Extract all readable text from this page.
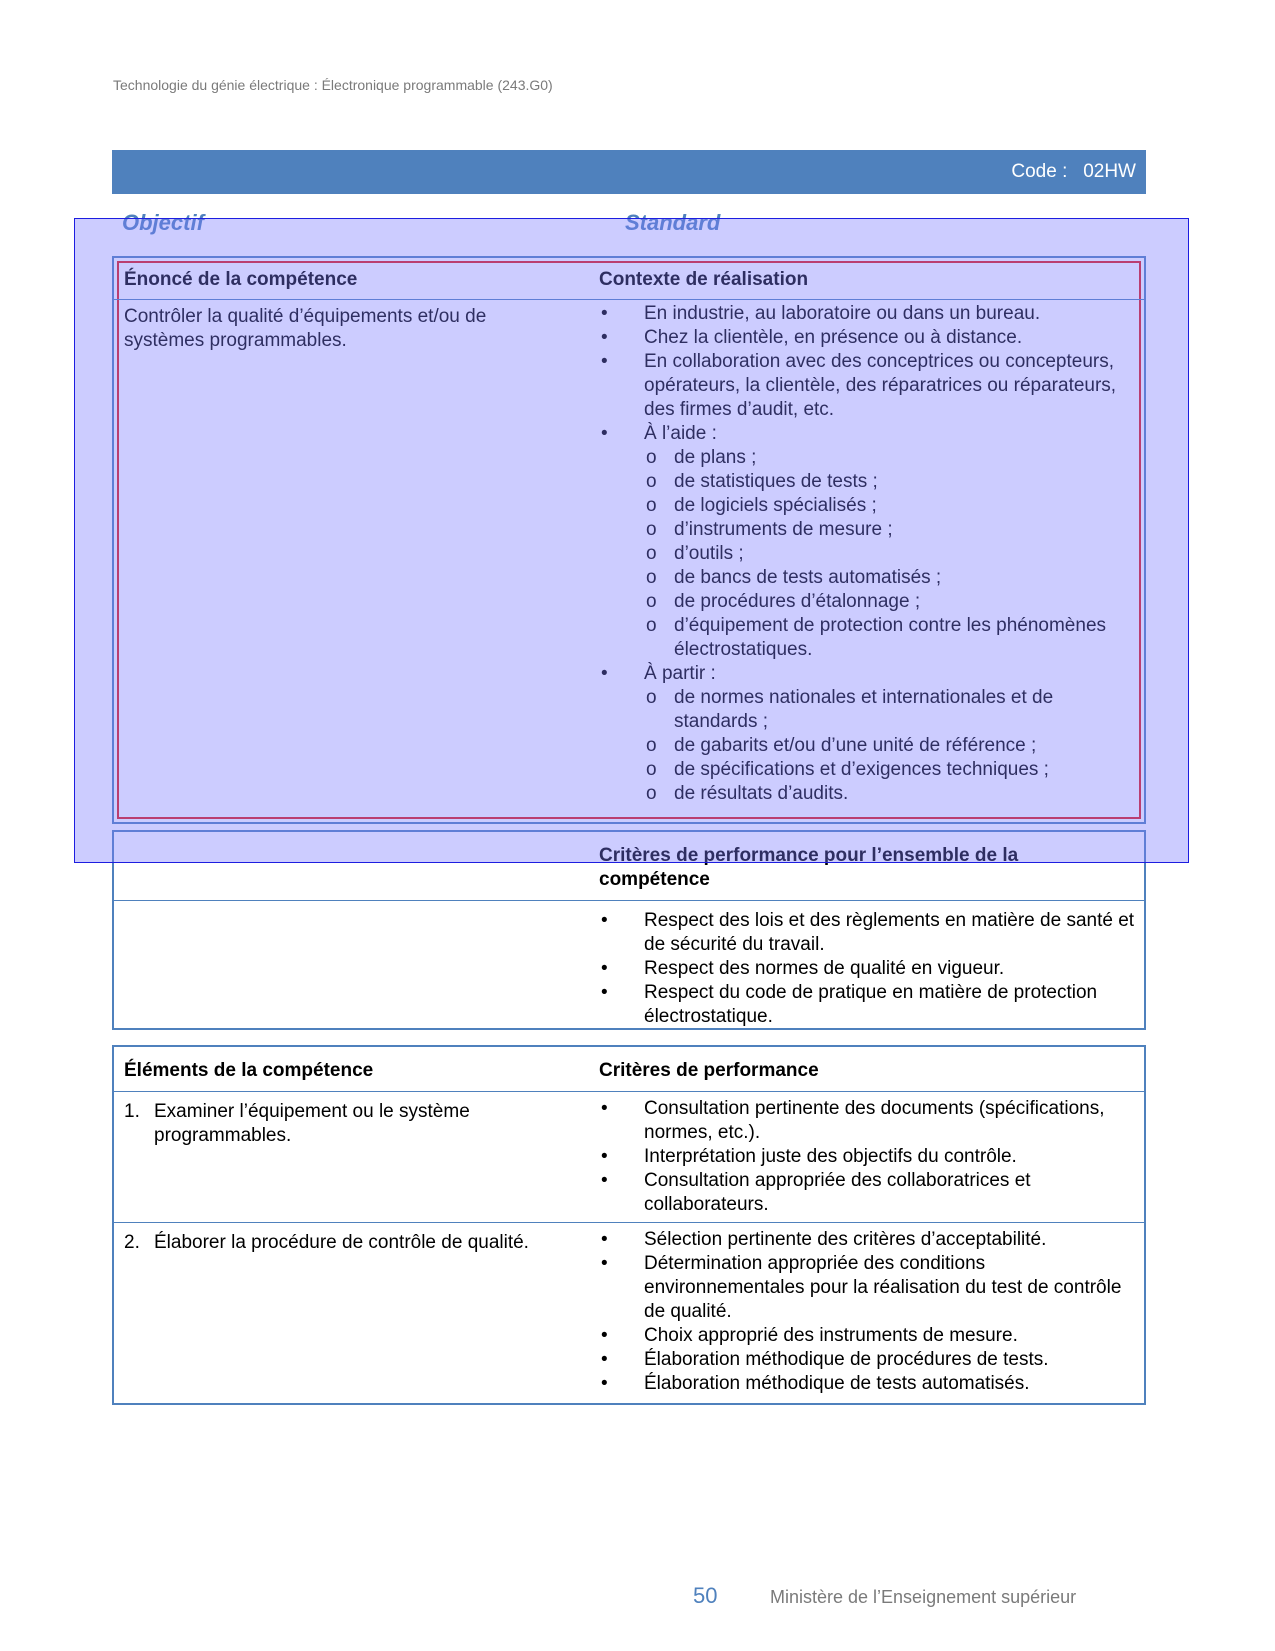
Technologie du génie électrique : Électronique programmable (243.G0)
Code : 02HW
Objectif	Standard
Énoncé de la compétence	Contexte de réalisation
Contrôler la qualité d’équipements et/ou de
systèmes programmables.
• En industrie, au laboratoire ou dans un bureau.
• Chez la clientèle, en présence ou à distance.
• En collaboration avec des conceptrices ou concepteurs, opérateurs, la clientèle, des réparatrices ou réparateurs, des firmes d’audit, etc.
• À l’aide :
o de plans ;
o de statistiques de tests ;
o de logiciels spécialisés ;
o d’instruments de mesure ;
o d’outils ;
o de bancs de tests automatisés ;
o de procédures d’étalonnage ;
o d’équipement de protection contre les phénomènes électrostatiques.
• À partir :
o de normes nationales et internationales et de standards ;
o de gabarits et/ou d’une unité de référence ;
o de spécifications et d’exigences techniques ;
o de résultats d’audits.
Critères de performance pour l’ensemble de la
compétence
• Respect des lois et des règlements en matière de santé et de sécurité du travail.
• Respect des normes de qualité en vigueur.
• Respect du code de pratique en matière de protection électrostatique.
Éléments de la compétence	Critères de performance
1. Examiner l’équipement ou le système programmables.
• Consultation pertinente des documents (spécifications, normes, etc.).
• Interprétation juste des objectifs du contrôle.
• Consultation appropriée des collaboratrices et collaborateurs.
2. Élaborer la procédure de contrôle de qualité.
•	Sélection pertinente des critères d’acceptabilité.
• Détermination appropriée des conditions environnementales pour la réalisation du test de contrôle de qualité.
• Choix approprié des instruments de mesure.
• Élaboration méthodique de procédures de tests.
• Élaboration méthodique de tests automatisés.
50	Ministère de l’Enseignement supérieur
